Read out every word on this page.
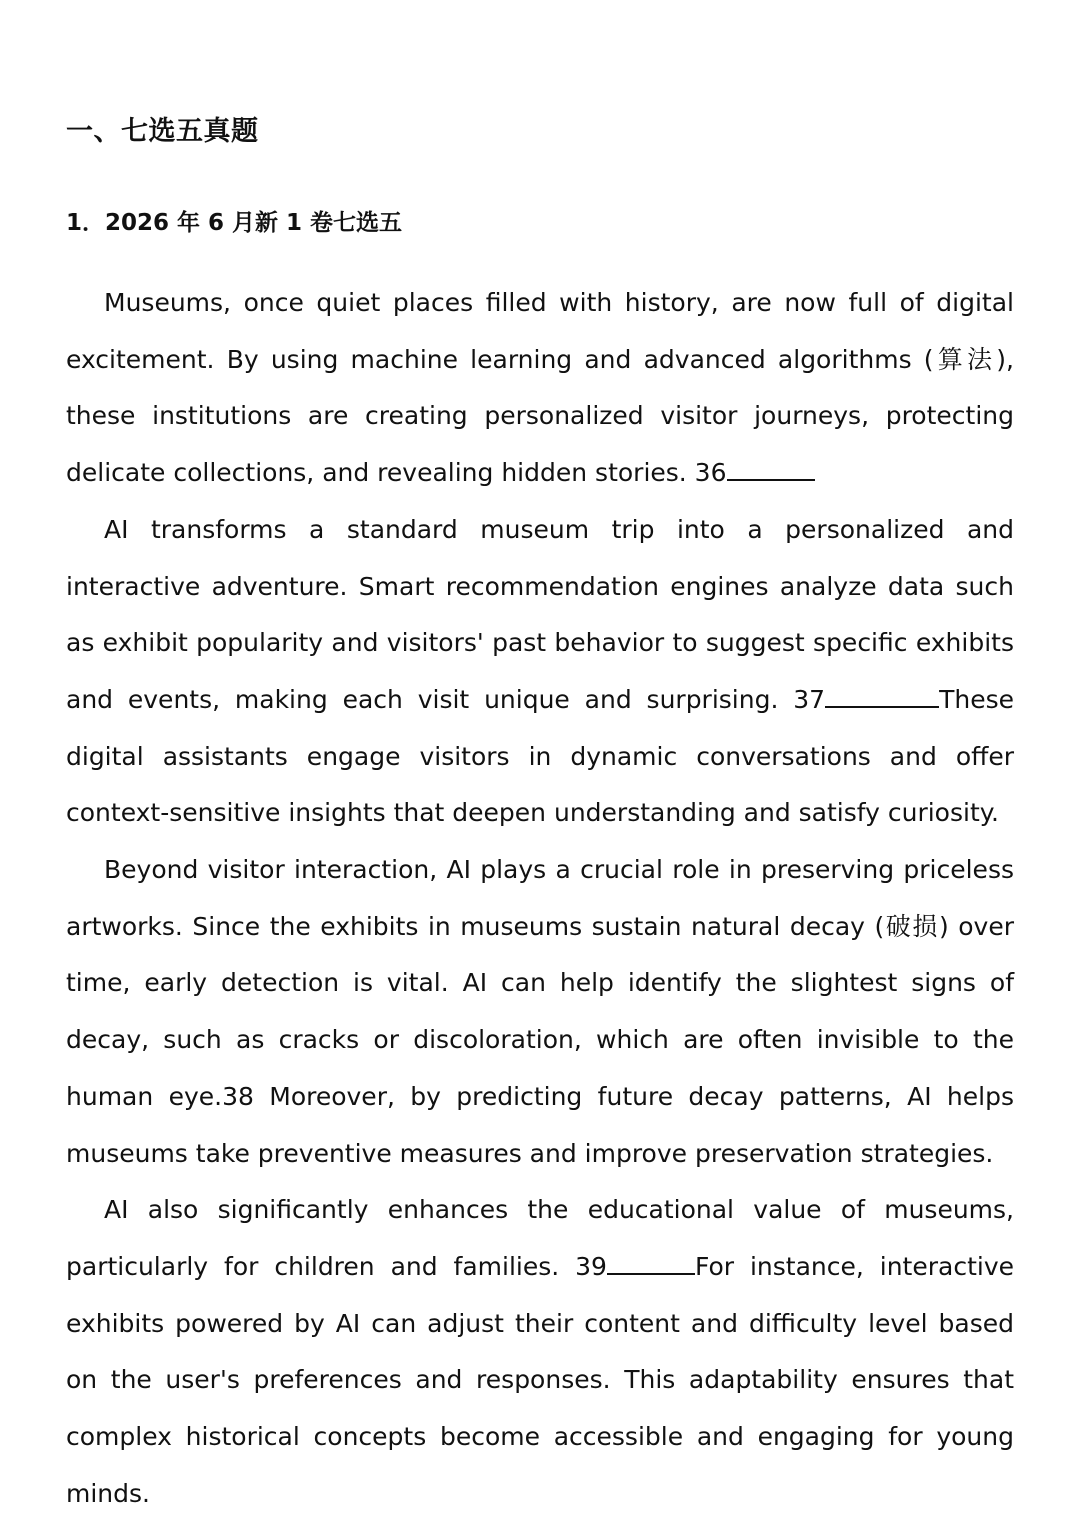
一、七选五真题
1．2026 年 6 月新 1 卷七选五

Museums, once quiet places filled with history, are now full of digital excitement. By using machine learning and advanced algorithms (算法), these institutions are creating personalized visitor journeys, protecting delicate collections, and revealing hidden stories. 36

AI transforms a standard museum trip into a personalized and interactive adventure. Smart recommendation engines analyze data such as exhibit popularity and visitors' past behavior to suggest specific exhibits and events, making each visit unique and surprising. 37	These digital assistants engage visitors in dynamic conversations and offer context-sensitive insights that deepen understanding and satisfy curiosity.

Beyond visitor interaction, AI plays a crucial role in preserving priceless artworks. Since the exhibits in museums sustain natural decay (破损) over time, early detection is vital. AI can help identify the slightest signs of decay, such as cracks or discoloration, which are often invisible to the human eye.38 Moreover, by predicting future decay patterns, AI helps museums take preventive measures and improve preservation strategies.

AI also significantly enhances the educational value of museums, particularly for children and families. 39	For instance, interactive exhibits powered by AI can adjust their content and difficulty level based on the user's preferences and responses. This adaptability ensures that complex historical concepts become accessible and engaging for young minds.
